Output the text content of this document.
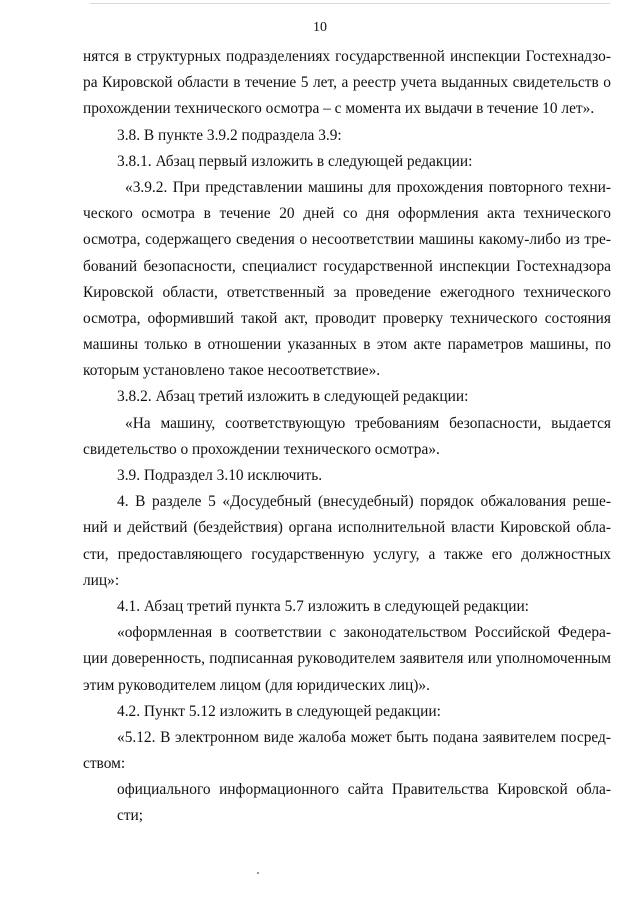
10
нятся в структурных подразделениях государственной инспекции Гостехнадзо-
ра Кировской области в течение 5 лет, а реестр учета выданных свидетельств о
прохождении технического осмотра – с момента их выдачи в течение 10 лет».
3.8. В пункте 3.9.2 подраздела 3.9:
3.8.1. Абзац первый изложить в следующей редакции:
«3.9.2. При представлении машины для прохождения повторного техни-
ческого осмотра в течение 20 дней со дня оформления акта технического
осмотра, содержащего сведения о несоответствии машины какому-либо из тре-
бований безопасности, специалист государственной инспекции Гостехнадзора
Кировской области, ответственный за проведение ежегодного технического
осмотра, оформивший такой акт, проводит проверку технического состояния
машины только в отношении указанных в этом акте параметров машины, по
которым установлено такое несоответствие».
3.8.2. Абзац третий изложить в следующей редакции:
«На машину, соответствующую требованиям безопасности, выдается
свидетельство о прохождении технического осмотра».
3.9. Подраздел 3.10 исключить.
4. В разделе 5 «Досудебный (внесудебный) порядок обжалования реше-
ний и действий (бездействия) органа исполнительной власти Кировской обла-
сти, предоставляющего государственную услугу, а также его должностных
лиц»:
4.1. Абзац третий пункта 5.7 изложить в следующей редакции:
«оформленная в соответствии с законодательством Российской Федера-
ции доверенность, подписанная руководителем заявителя или уполномоченным
этим руководителем лицом (для юридических лиц)».
4.2. Пункт 5.12 изложить в следующей редакции:
«5.12. В электронном виде жалоба может быть подана заявителем посред-
ством:
официального информационного сайта Правительства Кировской обла-
сти;
